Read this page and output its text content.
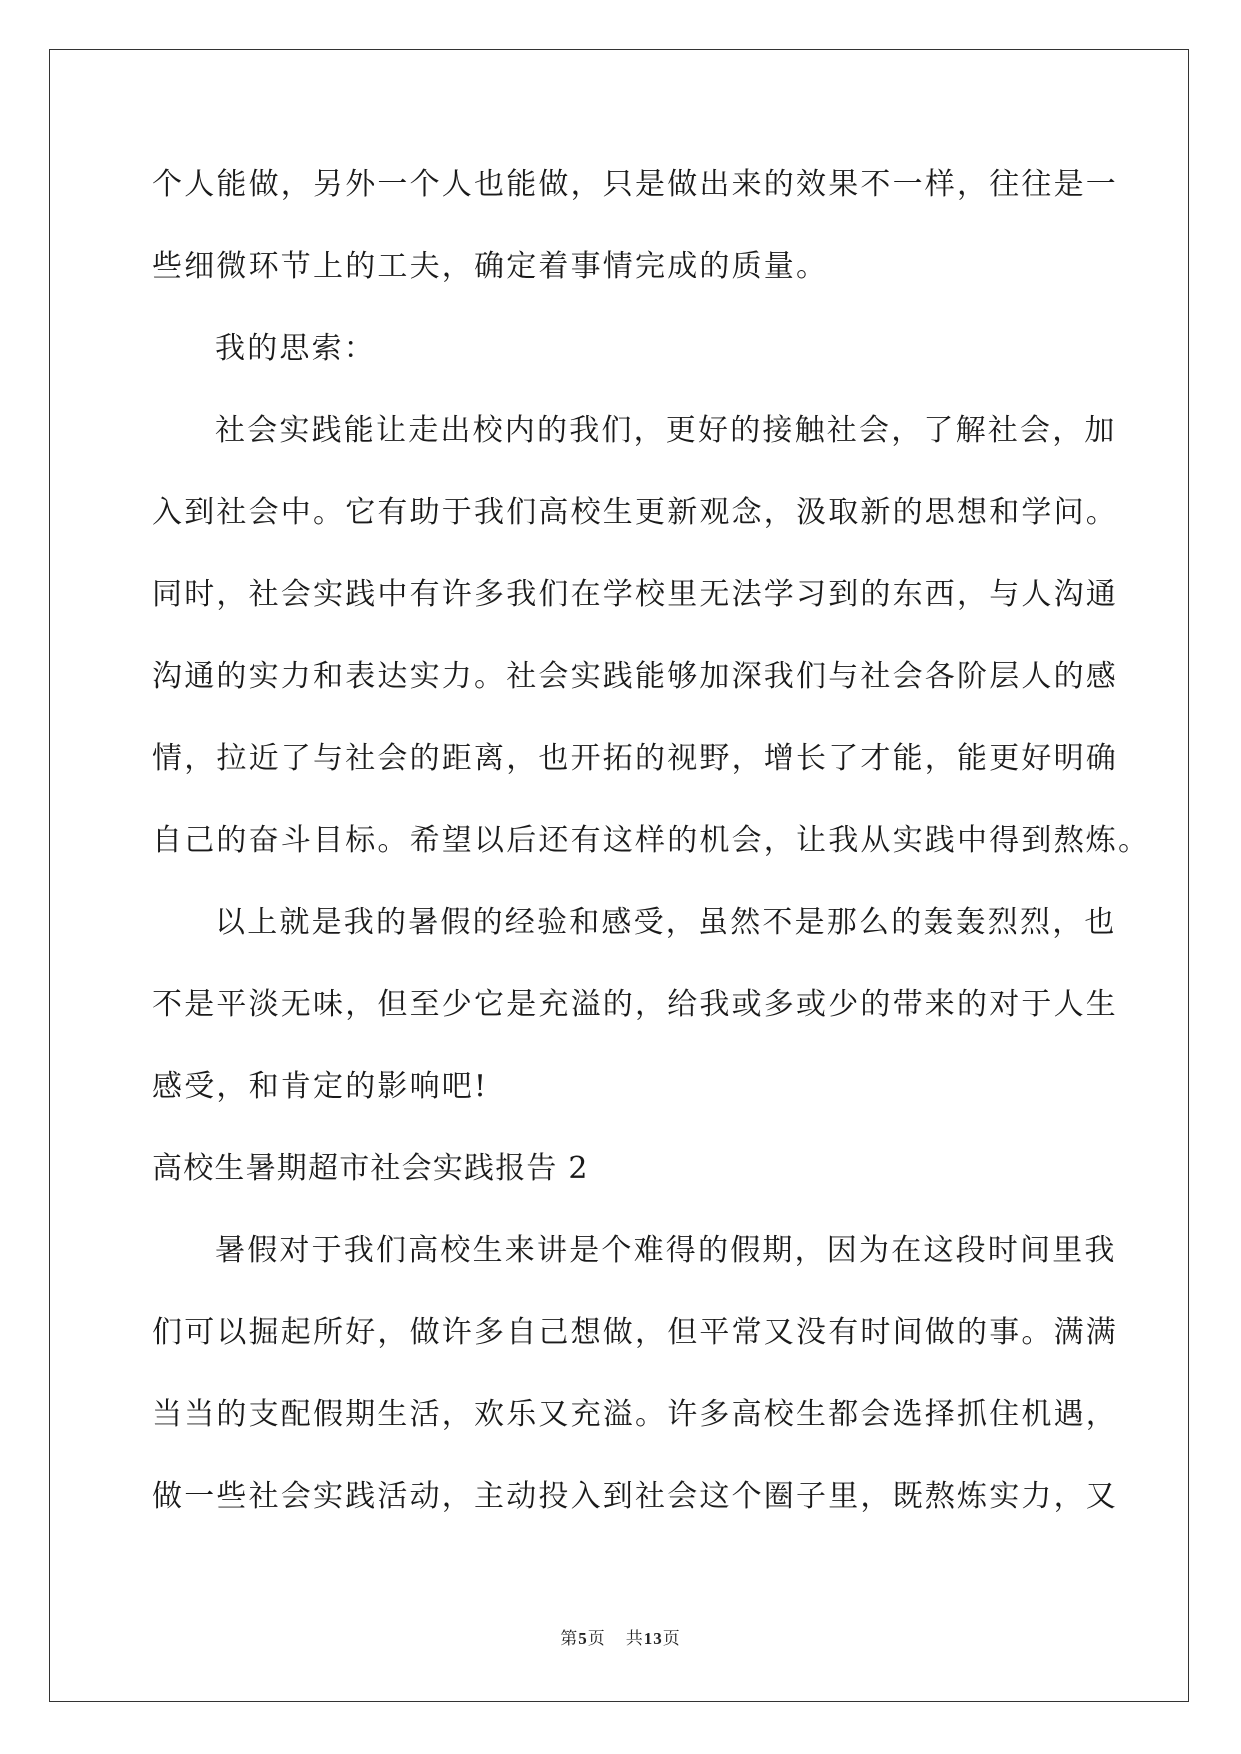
个人能做，另外一个人也能做，只是做出来的效果不一样，往往是一
些细微环节上的工夫，确定着事情完成的质量。
我的思索：
社会实践能让走出校内的我们，更好的接触社会，了解社会，加
入到社会中。它有助于我们高校生更新观念，汲取新的思想和学问。
同时，社会实践中有许多我们在学校里无法学习到的东西，与人沟通
沟通的实力和表达实力。社会实践能够加深我们与社会各阶层人的感
情，拉近了与社会的距离，也开拓的视野，增长了才能，能更好明确
自己的奋斗目标。希望以后还有这样的机会，让我从实践中得到熬炼。
以上就是我的暑假的经验和感受，虽然不是那么的轰轰烈烈，也
不是平淡无味，但至少它是充溢的，给我或多或少的带来的对于人生
感受，和肯定的影响吧!
高校生暑期超市社会实践报告 2
暑假对于我们高校生来讲是个难得的假期，因为在这段时间里我
们可以掘起所好，做许多自己想做，但平常又没有时间做的事。满满
当当的支配假期生活，欢乐又充溢。许多高校生都会选择抓住机遇，
做一些社会实践活动，主动投入到社会这个圈子里，既熬炼实力，又
第5页 共13页
